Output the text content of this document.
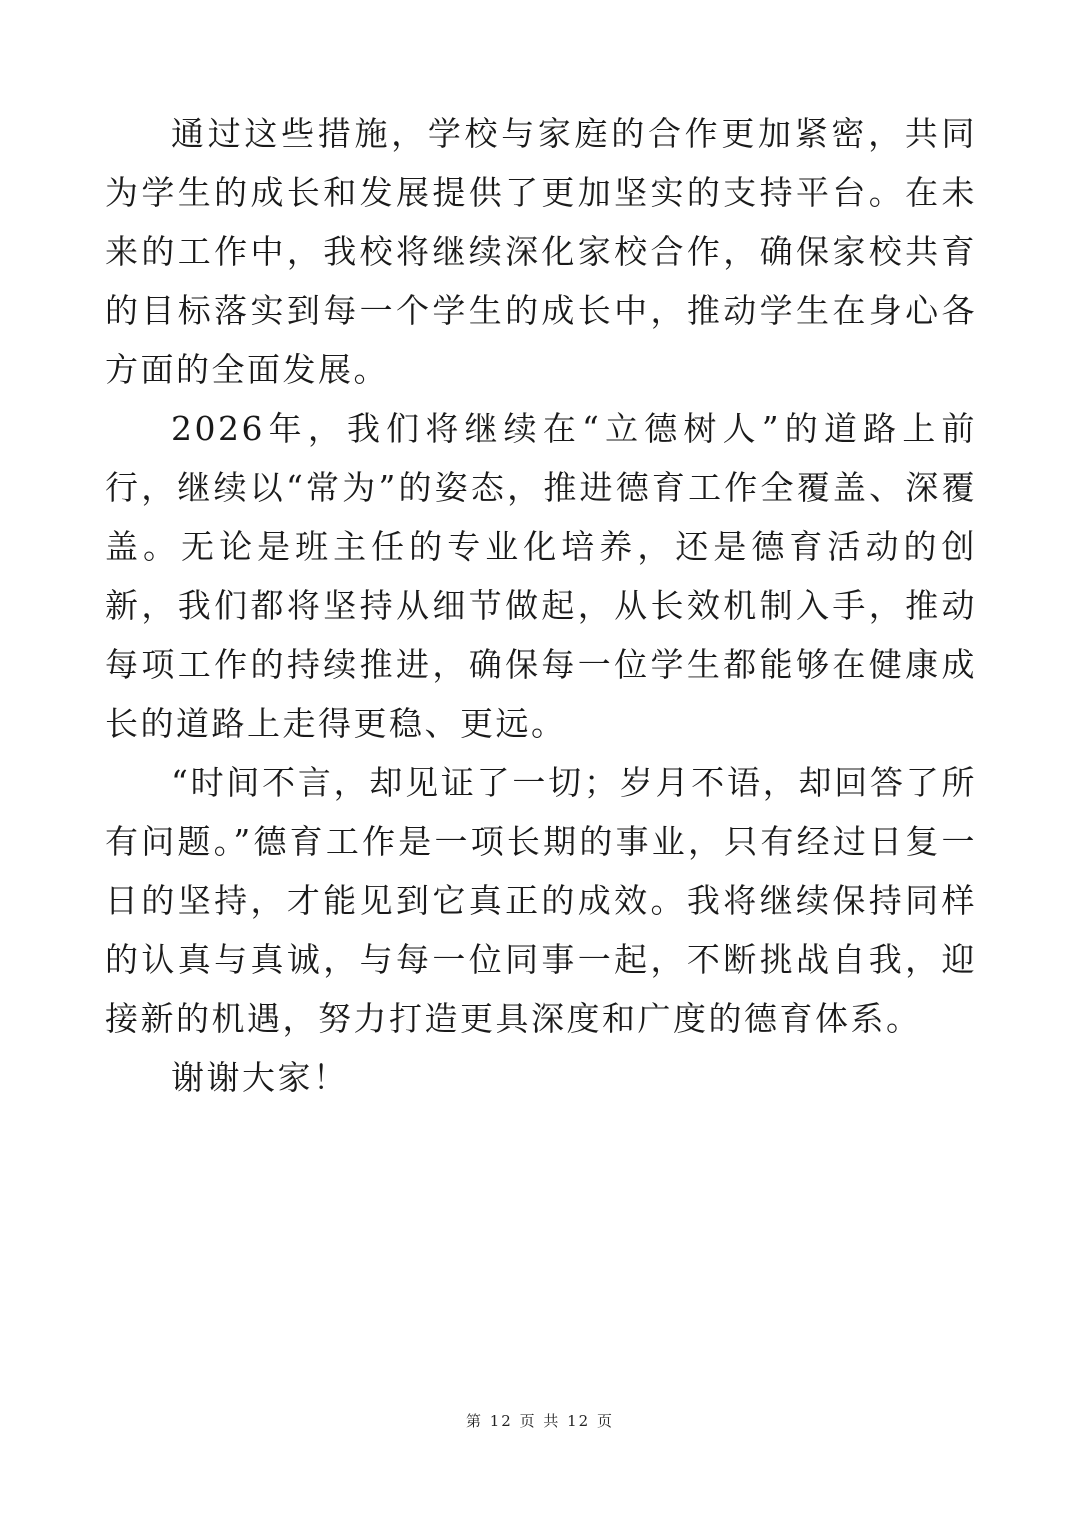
通过这些措施，学校与家庭的合作更加紧密，共同为学生的成长和发展提供了更加坚实的支持平台。在未来的工作中，我校将继续深化家校合作，确保家校共育的目标落实到每一个学生的成长中，推动学生在身心各方面的全面发展。

2026年，我们将继续在“立德树人”的道路上前行，继续以“常为”的姿态，推进德育工作全覆盖、深覆盖。无论是班主任的专业化培养，还是德育活动的创新，我们都将坚持从细节做起，从长效机制入手，推动每项工作的持续推进，确保每一位学生都能够在健康成长的道路上走得更稳、更远。

“时间不言，却见证了一切；岁月不语，却回答了所有问题。”德育工作是一项长期的事业，只有经过日复一日的坚持，才能见到它真正的成效。我将继续保持同样的认真与真诚，与每一位同事一起，不断挑战自我，迎接新的机遇，努力打造更具深度和广度的德育体系。

谢谢大家！

第 12 页 共 12 页
